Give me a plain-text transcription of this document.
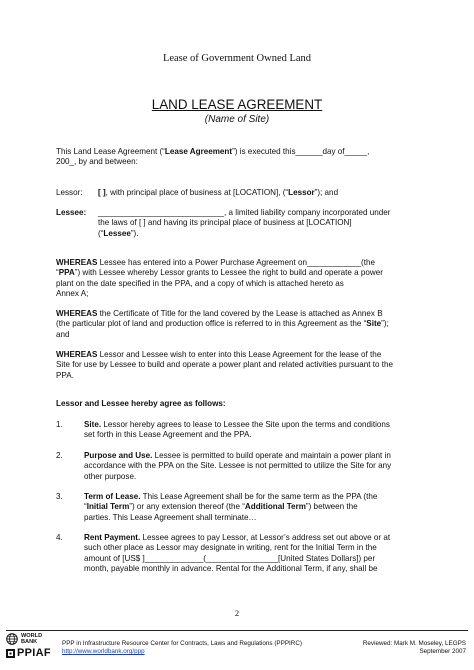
Lease of Government Owned Land
LAND LEASE AGREEMENT
(Name of Site)
This Land Lease Agreement (“Lease Agreement”) is executed this______day of_____,
200_, by and between:
Lessor: [ ], with principal place of business at [LOCATION], (“Lessor”); and
Lessee: ____________________________, a limited liability company incorporated under
the laws of [ ] and having its principal place of business at [LOCATION]
(“Lessee”).
WHEREAS Lessee has entered into a Power Purchase Agreement on____________(the
“PPA”) with Lessee whereby Lessor grants to Lessee the right to build and operate a power
plant on the date specified in the PPA, and a copy of which is attached hereto as
Annex A;
WHEREAS the Certificate of Title for the land covered by the Lease is attached as Annex B
(the particular plot of land and production office is referred to in this Agreement as the “Site”);
and
WHEREAS Lessor and Lessee wish to enter into this Lease Agreement for the lease of the
Site for use by Lessee to build and operate a power plant and related activities pursuant to the
PPA.
Lessor and Lessee hereby agree as follows:
1.	Site. Lessor hereby agrees to lease to Lessee the Site upon the terms and conditions
set forth in this Lease Agreement and the PPA.
2.	Purpose and Use. Lessee is permitted to build operate and maintain a power plant in
accordance with the PPA on the Site. Lessee is not permitted to utilize the Site for any
other purpose.
3.	Term of Lease. This Lease Agreement shall be for the same term as the PPA (the
“Initial Term”) or any extension thereof (the “Additional Term”) between the
parties. This Lease Agreement shall terminate…
4.	Rent Payment. Lessee agrees to pay Lessor, at Lessor’s address set out above or at
such other place as Lessor may designate in writing, rent for the Initial Term in the
amount of [US$ ]_____________(________________[United States Dollars]) per
month, payable monthly in advance. Rental for the Additional Term, if any, shall be
2
WORLD
BANK
PPIAF
PPP in Infrastructure Resource Center for Contracts, Laws and Regulations (PPPIRC)
http://www.worldbank.org/ppp
Reviewed: Mark M. Moseley, LEGPS
September 2007
